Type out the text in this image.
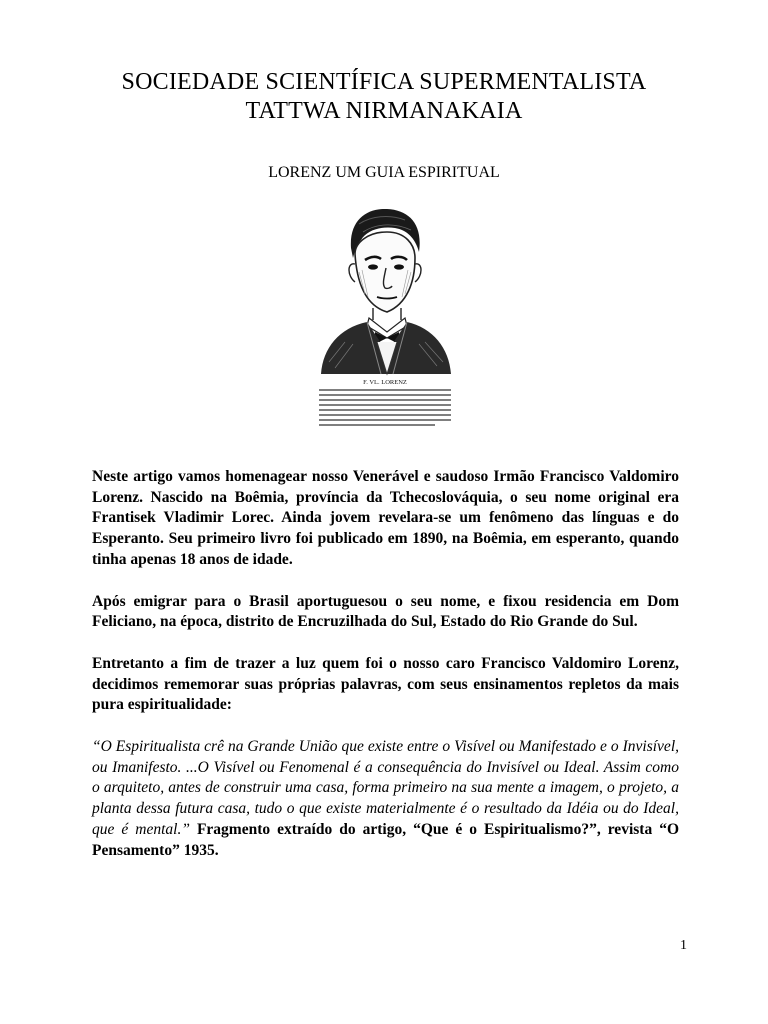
SOCIEDADE SCIENTÍFICA SUPERMENTALISTA
TATTWA NIRMANAKAIA
LORENZ UM GUIA ESPIRITUAL
F. VL. LORENZ

Neste artigo vamos homenagear nosso Venerável e saudoso Irmão Francisco Valdomiro Lorenz. Nascido na Boêmia, província da Tchecoslováquia, o seu nome original era Frantisek Vladimir Lorec. Ainda jovem revelara-se um fenômeno das línguas e do Esperanto. Seu primeiro livro foi publicado em 1890, na Boêmia, em esperanto, quando tinha apenas 18 anos de idade.

Após emigrar para o Brasil aportuguesou o seu nome, e fixou residencia em Dom Feliciano, na época, distrito de Encruzilhada do Sul, Estado do Rio Grande do Sul.

Entretanto a fim de trazer a luz quem foi o nosso caro Francisco Valdomiro Lorenz, decidimos rememorar suas próprias palavras, com seus ensinamentos repletos da mais pura espiritualidade:

“O Espiritualista crê na Grande União que existe entre o Visível ou Manifestado e o Invisível, ou Imanifesto. ...O Visível ou Fenomenal é a consequência do Invisível ou Ideal. Assim como o arquiteto, antes de construir uma casa, forma primeiro na sua mente a imagem, o projeto, a planta dessa futura casa, tudo o que existe materialmente é o resultado da Idéia ou do Ideal, que é mental.” Fragmento extraído do artigo, “Que é o Espiritualismo?”, revista “O Pensamento” 1935.

1
